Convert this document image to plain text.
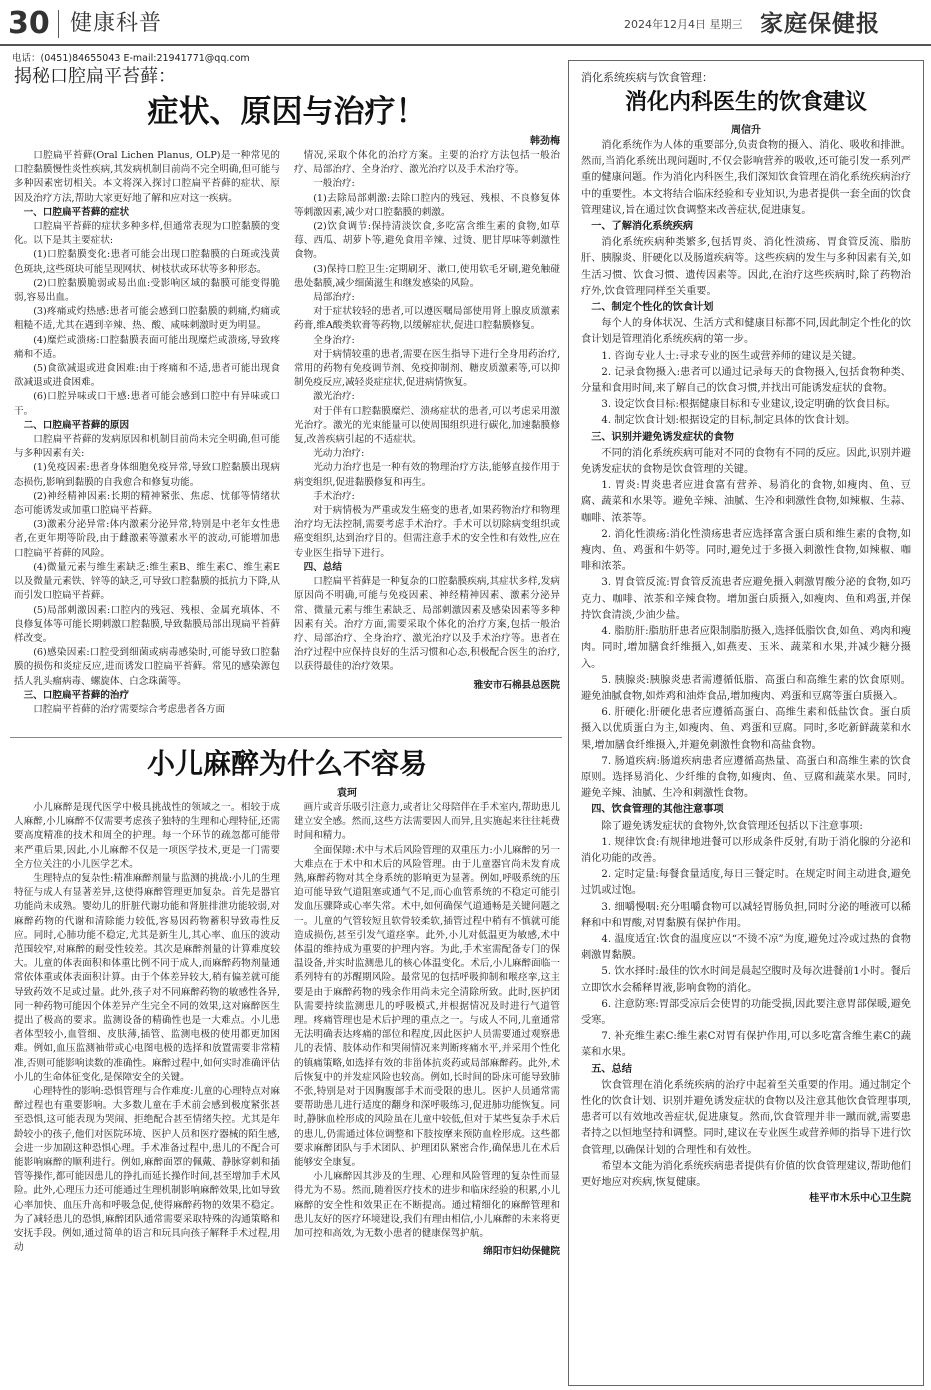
30 健康科普	2024年12月4日 星期三 家庭保健报
电话：(0451)84655043 E-mail:21941771@qq.com
揭秘口腔扁平苔藓：
症状、原因与治疗！
韩劲梅

口腔扁平苔藓(Oral Lichen Planus, OLP)是一种常见的口腔黏膜慢性炎性疾病,其发病机制目前尚不完全明确,但可能与多种因素密切相关。本文将深入探讨口腔扁平苔藓的症状、原因及治疗方法,帮助大家更好地了解和应对这一疾病。

一、口腔扁平苔藓的症状

口腔扁平苔藓的症状多种多样,但通常表现为口腔黏膜的变化。以下是其主要症状:

(1)口腔黏膜变化:患者可能会出现口腔黏膜的白斑或浅黄色斑块,这些斑块可能呈现网状、树枝状或环状等多种形态。

(2)口腔黏膜脆弱或易出血:受影响区域的黏膜可能变得脆弱,容易出血。

(3)疼痛或灼热感:患者可能会感到口腔黏膜的刺痛,灼痛或粗糙不适,尤其在遇到辛辣、热、酸、咸味刺激时更为明显。

(4)糜烂或溃疡:口腔黏膜表面可能出现糜烂或溃疡,导致疼痛和不适。

(5)食欲减退或进食困难:由于疼痛和不适,患者可能出现食欲减退或进食困难。

(6)口腔异味或口干感:患者可能会感到口腔中有异味或口干。

二、口腔扁平苔藓的原因

口腔扁平苔藓的发病原因和机制目前尚未完全明确,但可能与多种因素有关:

(1)免疫因素:患者身体细胞免疫异常,导致口腔黏膜出现病态损伤,影响到黏膜的自我愈合和修复功能。

(2)神经精神因素:长期的精神紧张、焦虑、忧郁等情绪状态可能诱发或加重口腔扁平苔藓。

(3)激素分泌异常:体内激素分泌异常,特别是中老年女性患者,在更年期等阶段,由于雌激素等激素水平的波动,可能增加患口腔扁平苔藓的风险。

(4)微量元素与维生素缺乏:维生素B、维生素C、维生素E以及微量元素铁、锌等的缺乏,可导致口腔黏膜的抵抗力下降,从而引发口腔扁平苔藓。

(5)局部刺激因素:口腔内的残冠、残根、金属充填体、不良修复体等可能长期刺激口腔黏膜,导致黏膜局部出现扁平苔藓样改变。

(6)感染因素:口腔受到细菌或病毒感染时,可能导致口腔黏膜的损伤和炎症反应,进而诱发口腔扁平苔藓。常见的感染源包括人乳头瘤病毒、螺旋体、白念珠菌等。

三、口腔扁平苔藓的治疗

口腔扁平苔藓的治疗需要综合考虑患者各方面

情况,采取个体化的治疗方案。主要的治疗方法包括一般治疗、局部治疗、全身治疗、激光治疗以及手术治疗等。

一般治疗:

(1)去除局部刺激:去除口腔内的残冠、残根、不良修复体等刺激因素,减少对口腔黏膜的刺激。

(2)饮食调节:保持清淡饮食,多吃富含维生素的食物,如草莓、西瓜、胡萝卜等,避免食用辛辣、过烫、肥甘厚味等刺激性食物。

(3)保持口腔卫生:定期刷牙、漱口,使用软毛牙刷,避免触碰患处黏膜,减少细菌滋生和继发感染的风险。

局部治疗:

对于症状较轻的患者,可以遵医嘱局部使用肾上腺皮质激素药膏,维A酸类软膏等药物,以缓解症状,促进口腔黏膜修复。

全身治疗:

对于病情较重的患者,需要在医生指导下进行全身用药治疗,常用的药物有免疫调节剂、免疫抑制剂、糖皮质激素等,可以抑制免疫反应,减轻炎症症状,促进病情恢复。

激光治疗:

对于伴有口腔黏膜糜烂、溃疡症状的患者,可以考虑采用激光治疗。激光的光束能量可以使周围组织进行碳化,加速黏膜修复,改善疾病引起的不适症状。

光动力治疗:

光动力治疗也是一种有效的物理治疗方法,能够直接作用于病变组织,促进黏膜修复和再生。

手术治疗:

对于病情极为严重或发生癌变的患者,如果药物治疗和物理治疗均无法控制,需要考虑手术治疗。手术可以切除病变组织或癌变组织,达到治疗目的。但需注意手术的安全性和有效性,应在专业医生指导下进行。

四、总结

口腔扁平苔藓是一种复杂的口腔黏膜疾病,其症状多样,发病原因尚不明确,可能与免疫因素、神经精神因素、激素分泌异常、微量元素与维生素缺乏、局部刺激因素及感染因素等多种因素有关。治疗方面,需要采取个体化的治疗方案,包括一般治疗、局部治疗、全身治疗、激光治疗以及手术治疗等。患者在治疗过程中应保持良好的生活习惯和心态,积极配合医生的治疗,以获得最佳的治疗效果。

雅安市石棉县总医院

小儿麻醉为什么不容易
袁珂

小儿麻醉是现代医学中极具挑战性的领域之一。相较于成人麻醉,小儿麻醉不仅需要考虑孩子独特的生理和心理特征,还需要高度精准的技术和周全的护理。每一个环节的疏忽都可能带来严重后果,因此,小儿麻醉不仅是一项医学技术,更是一门需要全方位关注的小儿医学艺术。

生理特点的复杂性:精准麻醉剂量与监测的挑战:小儿的生理特征与成人有显著差异,这使得麻醉管理更加复杂。首先是器官功能尚未成熟。婴幼儿的肝脏代谢功能和肾脏排泄功能较弱,对麻醉药物的代谢和清除能力较低,容易因药物蓄积导致毒性反应。同时,心肺功能不稳定,尤其是新生儿,其心率、血压的波动范围较窄,对麻醉的耐受性较差。其次是麻醉剂量的计算难度较大。儿童的体表面积和体重比例不同于成人,而麻醉药物剂量通常依体重或体表面积计算。由于个体差异较大,稍有偏差就可能导致药效不足或过量。此外,孩子对不同麻醉药物的敏感性各异,同一种药物可能因个体差异产生完全不同的效果,这对麻醉医生提出了极高的要求。监测设备的精确性也是一大难点。小儿患者体型较小,血管细、皮肤薄,插管、监测电极的使用都更加困难。例如,血压监测袖带或心电图电极的选择和放置需要非常精准,否则可能影响读数的准确性。麻醉过程中,如何实时准确评估小儿的生命体征变化,是保障安全的关键。

心理特性的影响:恐惧管理与合作难度:儿童的心理特点对麻醉过程也有重要影响。大多数儿童在手术前会感到极度紧张甚至恐惧,这可能表现为哭闹、拒绝配合甚至情绪失控。尤其是年龄较小的孩子,他们对医院环境、医护人员和医疗器械的陌生感,会进一步加剧这种恐惧心理。手术准备过程中,患儿的不配合可能影响麻醉的顺利进行。例如,麻醉面罩的佩戴、静脉穿刺和插管等操作,都可能因患儿的挣扎而延长操作时间,甚至增加手术风险。此外,心理压力还可能通过生理机制影响麻醉效果,比如导致心率加快、血压升高和呼吸急促,使得麻醉药物的效果不稳定。为了减轻患儿的恐惧,麻醉团队通常需要采取特殊的沟通策略和安抚手段。例如,通过简单的语言和玩具向孩子解释手术过程,用动

画片或音乐吸引注意力,或者让父母陪伴在手术室内,帮助患儿建立安全感。然而,这些方法需要因人而异,且实施起来往往耗费时间和精力。

全面保障:术中与术后风险管理的双重压力:小儿麻醉的另一大难点在于术中和术后的风险管理。由于儿童器官尚未发育成熟,麻醉药物对其全身系统的影响更为显著。例如,呼吸系统的压迫可能导致气道阻塞或通气不足,而心血管系统的不稳定可能引发血压骤降或心率失常。术中,如何确保气道通畅是关键问题之一。儿童的气管较短且软骨较柔软,插管过程中稍有不慎就可能造成损伤,甚至引发气道痉挛。此外,小儿对低温更为敏感,术中体温的维持成为重要的护理内容。为此,手术室需配备专门的保温设备,并实时监测患儿的核心体温变化。术后,小儿麻醉面临一系列特有的苏醒期风险。最常见的包括呼吸抑制和喉痉挛,这主要是由于麻醉药物的残余作用尚未完全清除所致。此时,医护团队需要持续监测患儿的呼吸模式,并根据情况及时进行气道管理。疼痛管理也是术后护理的重点之一。与成人不同,儿童通常无法明确表达疼痛的部位和程度,因此医护人员需要通过观察患儿的表情、肢体动作和哭闹情况来判断疼痛水平,并采用个性化的镇痛策略,如选择有效的非甾体抗炎药或局部麻醉药。此外,术后恢复中的并发症风险也较高。例如,长时间的卧床可能导致肺不张,特别是对于因胸腹部手术而受限的患儿。医护人员通常需要帮助患儿进行适度的翻身和深呼吸练习,促进肺功能恢复。同时,静脉血栓形成的风险虽在儿童中较低,但对于某些复杂手术后的患儿,仍需通过体位调整和下肢按摩来预防血栓形成。这些都要求麻醉团队与手术团队、护理团队紧密合作,确保患儿在术后能够安全康复。

小儿麻醉因其涉及的生理、心理和风险管理的复杂性而显得尤为不易。然而,随着医疗技术的进步和临床经验的积累,小儿麻醉的安全性和效果正在不断提高。通过精细化的麻醉管理和患儿友好的医疗环境建设,我们有理由相信,小儿麻醉的未来将更加可控和高效,为无数小患者的健康保驾护航。

绵阳市妇幼保健院

消化系统疾病与饮食管理：
消化内科医生的饮食建议
周信升

消化系统作为人体的重要部分,负责食物的摄入、消化、吸收和排泄。然而,当消化系统出现问题时,不仅会影响营养的吸收,还可能引发一系列严重的健康问题。作为消化内科医生,我们深知饮食管理在消化系统疾病治疗中的重要性。本文将结合临床经验和专业知识,为患者提供一套全面的饮食管理建议,旨在通过饮食调整来改善症状,促进康复。

一、了解消化系统疾病

消化系统疾病种类繁多,包括胃炎、消化性溃疡、胃食管反流、脂肪肝、胰腺炎、肝硬化以及肠道疾病等。这些疾病的发生与多种因素有关,如生活习惯、饮食习惯、遗传因素等。因此,在治疗这些疾病时,除了药物治疗外,饮食管理同样至关重要。

二、制定个性化的饮食计划

每个人的身体状况、生活方式和健康目标都不同,因此制定个性化的饮食计划是管理消化系统疾病的第一步。

1. 咨询专业人士:寻求专业的医生或营养师的建议是关键。

2. 记录食物摄入:患者可以通过记录每天的食物摄入,包括食物种类、分量和食用时间,来了解自己的饮食习惯,并找出可能诱发症状的食物。

3. 设定饮食目标:根据健康目标和专业建议,设定明确的饮食目标。

4. 制定饮食计划:根据设定的目标,制定具体的饮食计划。

三、识别并避免诱发症状的食物

不同的消化系统疾病可能对不同的食物有不同的反应。因此,识别并避免诱发症状的食物是饮食管理的关键。

1. 胃炎:胃炎患者应进食富有营养、易消化的食物,如瘦肉、鱼、豆腐、蔬菜和水果等。避免辛辣、油腻、生冷和刺激性食物,如辣椒、生蒜、咖啡、浓茶等。

2. 消化性溃疡:消化性溃疡患者应选择富含蛋白质和维生素的食物,如瘦肉、鱼、鸡蛋和牛奶等。同时,避免过于多摄入刺激性食物,如辣椒、咖啡和浓茶。

3. 胃食管反流:胃食管反流患者应避免摄入刺激胃酸分泌的食物,如巧克力、咖啡、浓茶和辛辣食物。增加蛋白质摄入,如瘦肉、鱼和鸡蛋,并保持饮食清淡,少油少盐。

4. 脂肪肝:脂肪肝患者应限制脂肪摄入,选择低脂饮食,如鱼、鸡肉和瘦肉。同时,增加膳食纤维摄入,如燕麦、玉米、蔬菜和水果,并减少糖分摄入。

5. 胰腺炎:胰腺炎患者需遵循低脂、高蛋白和高维生素的饮食原则。避免油腻食物,如炸鸡和油炸食品,增加瘦肉、鸡蛋和豆腐等蛋白质摄入。

6. 肝硬化:肝硬化患者应遵循高蛋白、高维生素和低盐饮食。蛋白质摄入以优质蛋白为主,如瘦肉、鱼、鸡蛋和豆腐。同时,多吃新鲜蔬菜和水果,增加膳食纤维摄入,并避免刺激性食物和高盐食物。

7. 肠道疾病:肠道疾病患者应遵循高热量、高蛋白和高维生素的饮食原则。选择易消化、少纤维的食物,如瘦肉、鱼、豆腐和蔬菜水果。同时,避免辛辣、油腻、生冷和刺激性食物。

四、饮食管理的其他注意事项

除了避免诱发症状的食物外,饮食管理还包括以下注意事项:

1. 规律饮食:有规律地进餐可以形成条件反射,有助于消化腺的分泌和消化功能的改善。

2. 定时定量:每餐食量适度,每日三餐定时。在规定时间主动进食,避免过饥或过饱。

3. 细嚼慢咽:充分咀嚼食物可以减轻胃肠负担,同时分泌的唾液可以稀释和中和胃酸,对胃黏膜有保护作用。

4. 温度适宜:饮食的温度应以“不烫不凉”为度,避免过冷或过热的食物刺激胃黏膜。

5. 饮水择时:最佳的饮水时间是晨起空腹时及每次进餐前1小时。餐后立即饮水会稀释胃液,影响食物的消化。

6. 注意防寒:胃部受凉后会使胃的功能受损,因此要注意胃部保暖,避免受寒。

7. 补充维生素C:维生素C对胃有保护作用,可以多吃富含维生素C的蔬菜和水果。

五、总结

饮食管理在消化系统疾病的治疗中起着至关重要的作用。通过制定个性化的饮食计划、识别并避免诱发症状的食物以及注意其他饮食管理事项,患者可以有效地改善症状,促进康复。然而,饮食管理并非一蹴而就,需要患者持之以恒地坚持和调整。同时,建议在专业医生或营养师的指导下进行饮食管理,以确保计划的合理性和有效性。

希望本文能为消化系统疾病患者提供有价值的饮食管理建议,帮助他们更好地应对疾病,恢复健康。

桂平市木乐中心卫生院
